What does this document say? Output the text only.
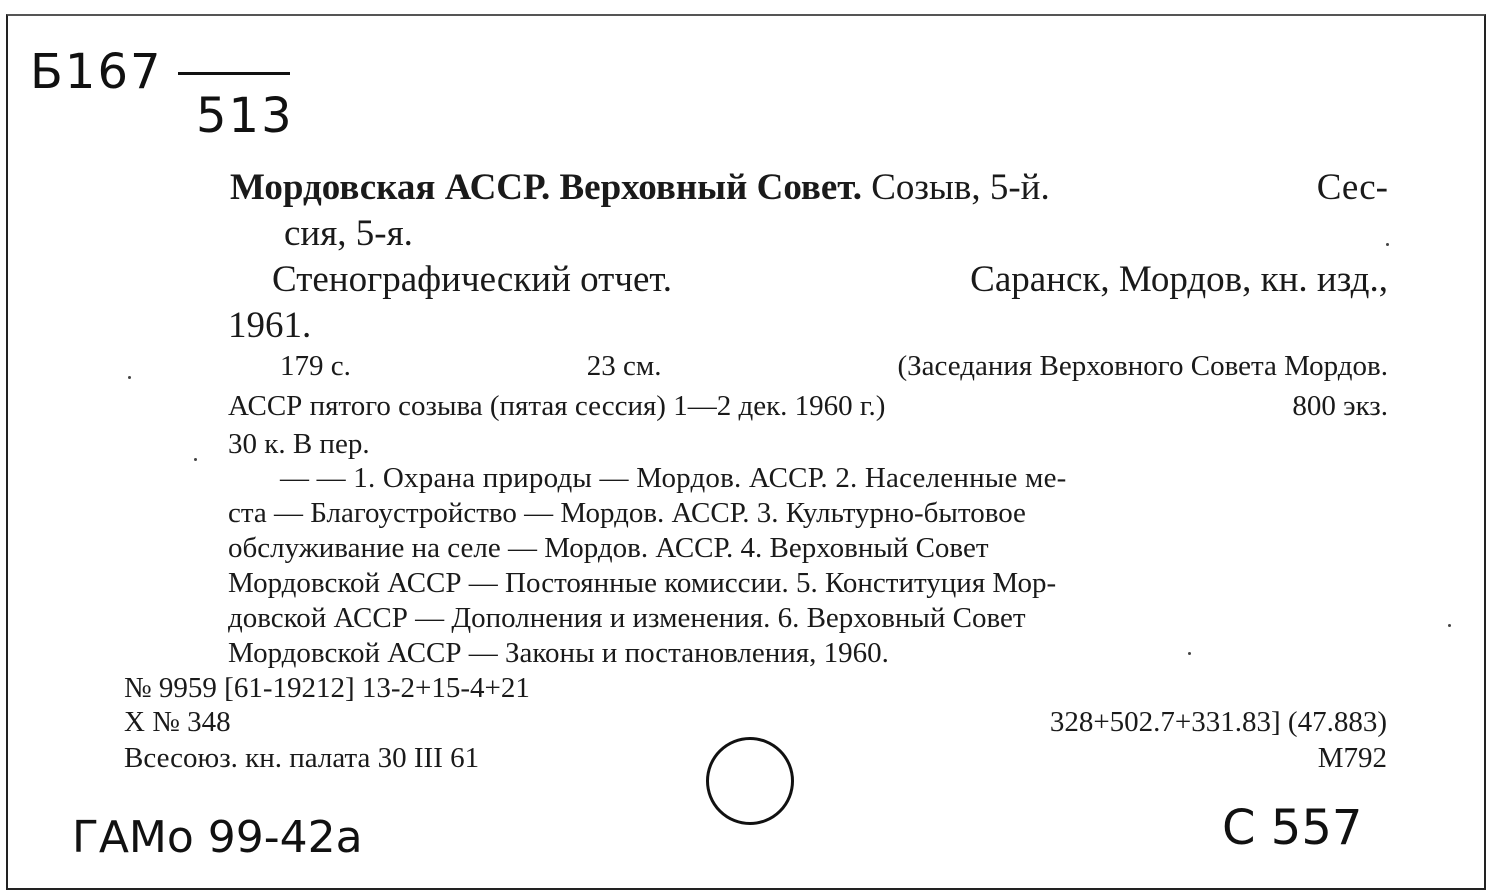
Б167
513
Мордовская АССР. Верховный Совет. Созыв, 5-й.	Сес-
сия, 5-я.
Стенографический отчет.	Саранск, Мордов, кн. изд.,
1961.
179 с.	23 см.	(Заседания Верховного Совета Мордов.
АССР пятого созыва (пятая сессия) 1—2 дек. 1960 г.)	800 экз.
30 к. В пер.
— — 1. Охрана природы — Мордов. АССР. 2. Населенные ме-
ста — Благоустройство — Мордов. АССР. 3. Культурно-бытовое
обслуживание на селе — Мордов. АССР. 4. Верховный Совет
Мордовской АССР — Постоянные комиссии. 5. Конституция Мор-
довской АССР — Дополнения и изменения. 6. Верховный Совет
Мордовской АССР — Законы и постановления, 1960.
№ 9959 [61-19212] 13-2+15-4+21
Х № 348	328+502.7+331.83] (47.883)
Всесоюз. кн. палата 30 III 61	М792
ГАМо 99-42а	С 557
